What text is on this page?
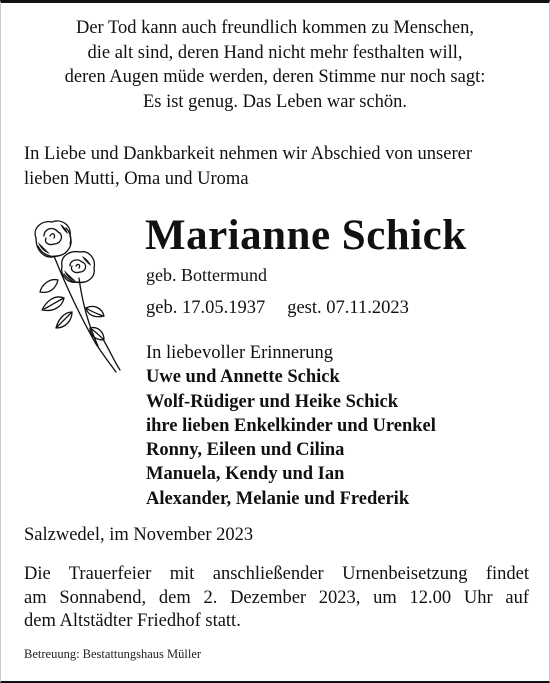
Der Tod kann auch freundlich kommen zu Menschen,
die alt sind, deren Hand nicht mehr festhalten will,
deren Augen müde werden, deren Stimme nur noch sagt:
Es ist genug. Das Leben war schön.
In Liebe und Dankbarkeit nehmen wir Abschied von unserer
lieben Mutti, Oma und Uroma
Marianne Schick
geb. Bottermund
geb. 17.05.1937 gest. 07.11.2023
In liebevoller Erinnerung
Uwe und Annette Schick
Wolf-Rüdiger und Heike Schick
ihre lieben Enkelkinder und Urenkel
Ronny, Eileen und Cilina
Manuela, Kendy und Ian
Alexander, Melanie und Frederik
Salzwedel, im November 2023
Die Trauerfeier mit anschließender Urnenbeisetzung findet
am Sonnabend, dem 2. Dezember 2023, um 12.00 Uhr auf
dem Altstädter Friedhof statt.
Betreuung: Bestattungshaus Müller
